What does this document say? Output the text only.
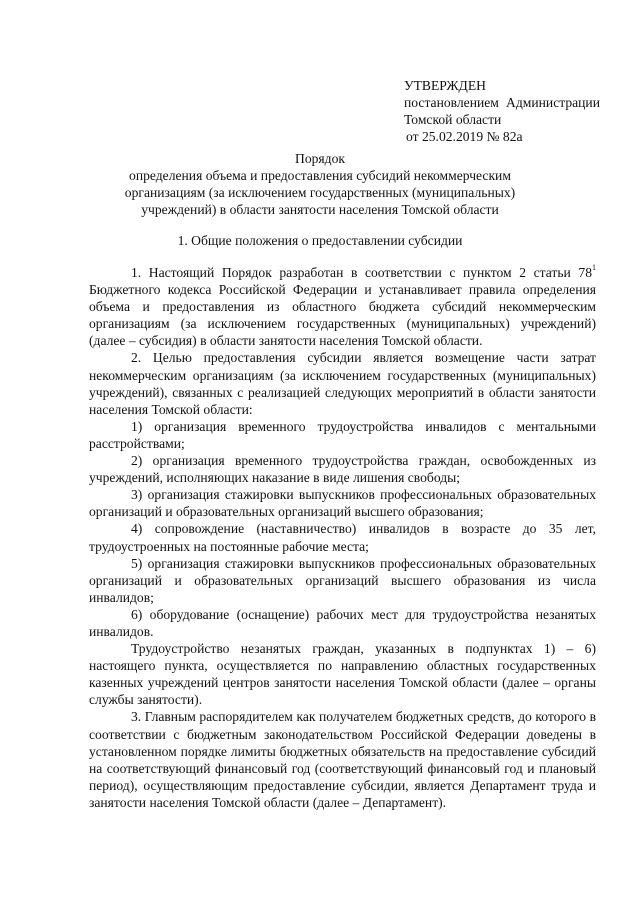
УТВЕРЖДЕН
постановлением Администрации
Томской области
от 25.02.2019 № 82а
Порядок
определения объема и предоставления субсидий некоммерческим
организациям (за исключением государственных (муниципальных)
учреждений) в области занятости населения Томской области
1. Общие положения о предоставлении субсидии

1. Настоящий Порядок разработан в соответствии с пунктом 2 статьи $78^1$ Бюджетного кодекса Российской Федерации и устанавливает правила определения объема и предоставления из областного бюджета субсидий некоммерческим организациям (за исключением государственных (муниципальных) учреждений) (далее – субсидия) в области занятости населения Томской области.

2. Целью предоставления субсидии является возмещение части затрат некоммерческим организациям (за исключением государственных (муниципальных) учреждений), связанных с реализацией следующих мероприятий в области занятости населения Томской области:

1) организация временного трудоустройства инвалидов с ментальными расстройствами;

2) организация временного трудоустройства граждан, освобожденных из учреждений, исполняющих наказание в виде лишения свободы;

3) организация стажировки выпускников профессиональных образовательных организаций и образовательных организаций высшего образования;

4) сопровождение (наставничество) инвалидов в возрасте до 35 лет, трудоустроенных на постоянные рабочие места;

5) организация стажировки выпускников профессиональных образовательных организаций и образовательных организаций высшего образования из числа инвалидов;

6) оборудование (оснащение) рабочих мест для трудоустройства незанятых инвалидов.

Трудоустройство незанятых граждан, указанных в подпунктах 1) – 6) настоящего пункта, осуществляется по направлению областных государственных казенных учреждений центров занятости населения Томской области (далее – органы службы занятости).

3. Главным распорядителем как получателем бюджетных средств, до которого в соответствии с бюджетным законодательством Российской Федерации доведены в установленном порядке лимиты бюджетных обязательств на предоставление субсидий на соответствующий финансовый год (соответствующий финансовый год и плановый период), осуществляющим предоставление субсидии, является Департамент труда и занятости населения Томской области (далее – Департамент).
